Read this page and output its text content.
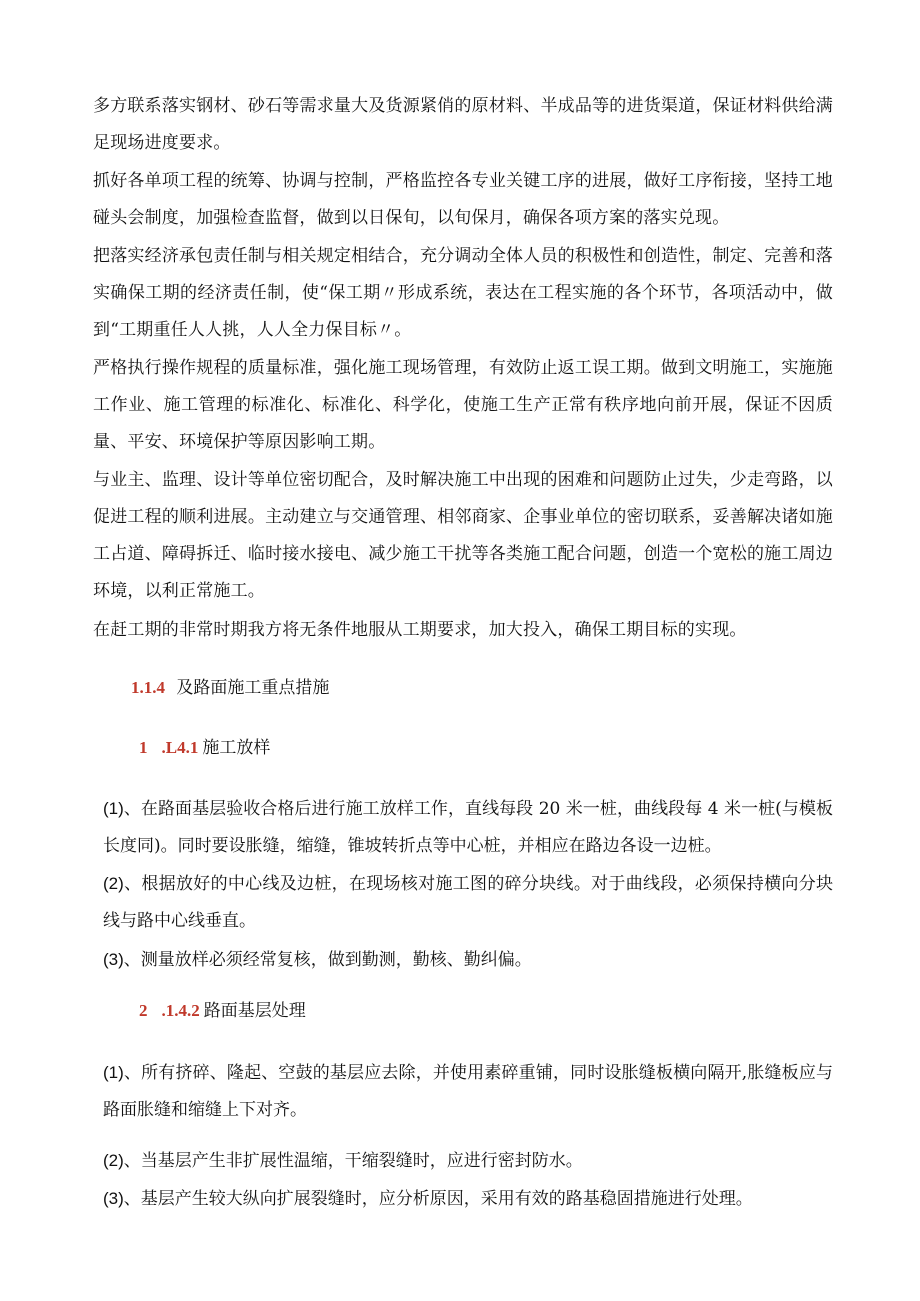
多方联系落实钢材、砂石等需求量大及货源紧俏的原材料、半成品等的进货渠道，保证材料供给满足现场进度要求。

抓好各单项工程的统筹、协调与控制，严格监控各专业关键工序的进展，做好工序衔接，坚持工地碰头会制度，加强检查监督，做到以日保旬，以旬保月，确保各项方案的落实兑现。

把落实经济承包责任制与相关规定相结合，充分调动全体人员的积极性和创造性，制定、完善和落实确保工期的经济责任制，使“保工期〃形成系统，表达在工程实施的各个环节，各项活动中，做到“工期重任人人挑，人人全力保目标〃。

严格执行操作规程的质量标准，强化施工现场管理，有效防止返工误工期。做到文明施工，实施施工作业、施工管理的标准化、标准化、科学化，使施工生产正常有秩序地向前开展，保证不因质量、平安、环境保护等原因影响工期。

与业主、监理、设计等单位密切配合，及时解决施工中出现的困难和问题防止过失，少走弯路，以促进工程的顺利进展。主动建立与交通管理、相邻商家、企事业单位的密切联系，妥善解决诸如施工占道、障碍拆迁、临时接水接电、减少施工干扰等各类施工配合问题，创造一个宽松的施工周边环境，以利正常施工。

在赶工期的非常时期我方将无条件地服从工期要求，加大投入，确保工期目标的实现。

1.1.4 及路面施工重点措施
1 .L4.1 施工放样

(1)、在路面基层验收合格后进行施工放样工作，直线每段 20 米一桩，曲线段每 4 米一桩(与模板长度同)。同时要设胀缝，缩缝，锥坡转折点等中心桩，并相应在路边各设一边桩。

(2)、根据放好的中心线及边桩，在现场核对施工图的碎分块线。对于曲线段，必须保持横向分块线与路中心线垂直。

(3)、测量放样必须经常复核，做到勤测，勤核、勤纠偏。

2 .1.4.2 路面基层处理

(1)、所有挤碎、隆起、空鼓的基层应去除，并使用素碎重铺，同时设胀缝板横向隔开,胀缝板应与路面胀缝和缩缝上下对齐。

(2)、当基层产生非扩展性温缩，干缩裂缝时，应进行密封防水。

(3)、基层产生较大纵向扩展裂缝时，应分析原因，采用有效的路基稳固措施进行处理。
